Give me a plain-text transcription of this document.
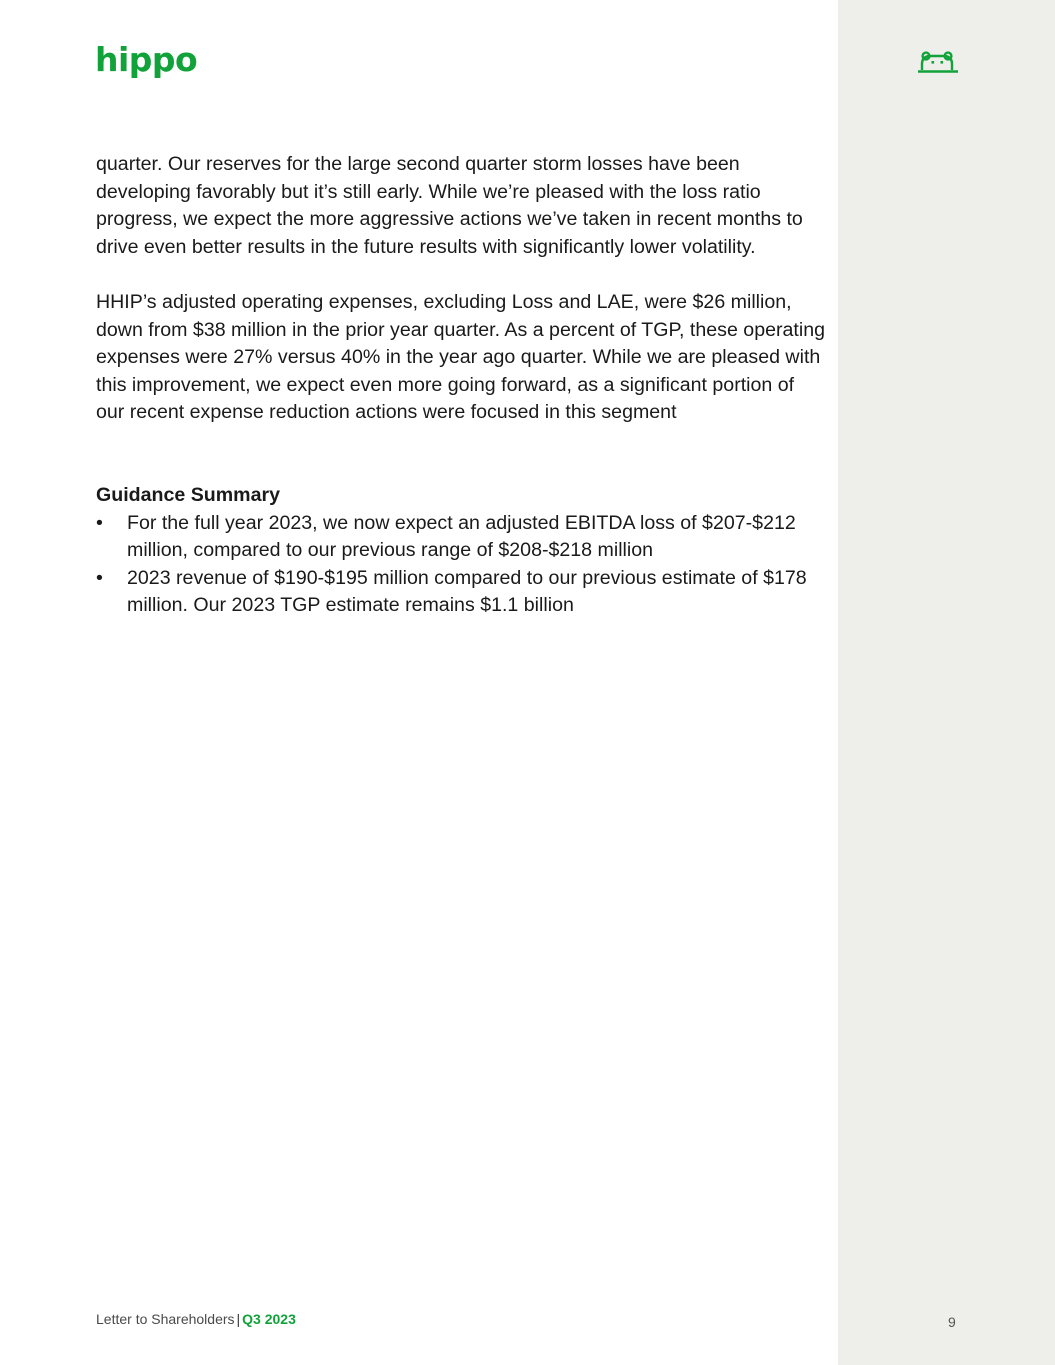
hippo

quarter. Our reserves for the large second quarter storm losses have been developing favorably but it’s still early. While we’re pleased with the loss ratio progress, we expect the more aggressive actions we’ve taken in recent months to drive even better results in the future results with significantly lower volatility.

HHIP’s adjusted operating expenses, excluding Loss and LAE, were $26 million, down from $38 million in the prior year quarter. As a percent of TGP, these operating expenses were 27% versus 40% in the year ago quarter. While we are pleased with this improvement, we expect even more going forward, as a significant portion of our recent expense reduction actions were focused in this segment

Guidance Summary

• For the full year 2023, we now expect an adjusted EBITDA loss of $207-$212 million, compared to our previous range of $208-$218 million
• 2023 revenue of $190-$195 million compared to our previous estimate of $178 million. Our 2023 TGP estimate remains $1.1 billion
Letter to Shareholders | Q3 2023	9
